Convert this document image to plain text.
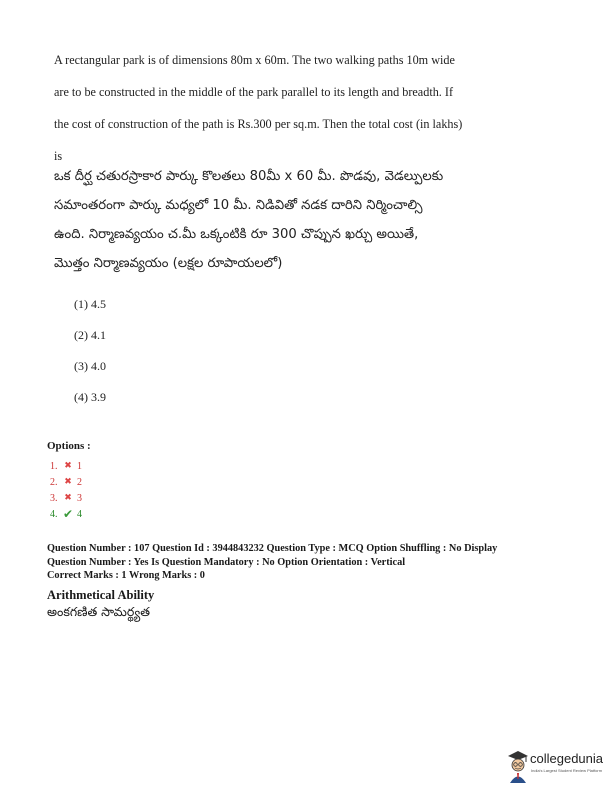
A rectangular park is of dimensions 80m x 60m. The two walking paths 10m wide

are to be constructed in the middle of the park parallel to its length and breadth. If

the cost of construction of the path is Rs.300 per sq.m. Then the total cost (in lakhs)

is

ఒక దీర్ఘ చతురస్రాకార పార్కు కొలతలు 80మీ x 60 మీ. పొడవు, వెడల్పులకు

సమాంతరంగా పార్కు మధ్యలో 10 మీ. నిడివితో నడక దారిని నిర్మించాల్సి

ఉంది. నిర్మాణవ్యయం చ.మీ ఒక్కంటికి రూ 300 చొప్పున ఖర్చు అయితే,

మొత్తం నిర్మాణవ్యయం (లక్షల రూపాయలలో)

(1) 4.5
(2) 4.1
(3) 4.0
(4) 3.9
Options :
1. ✖ 1
2. ✖ 2
3. ✖ 3
4. ✔ 4

Question Number : 107 Question Id : 3944843232 Question Type : MCQ Option Shuffling : No Display

Question Number : Yes Is Question Mandatory : No Option Orientation : Vertical

Correct Marks : 1 Wrong Marks : 0

Arithmetical Ability
అంకగణిత సామర్థ్యత
collegedunia
India's Largest Student Review Platform
